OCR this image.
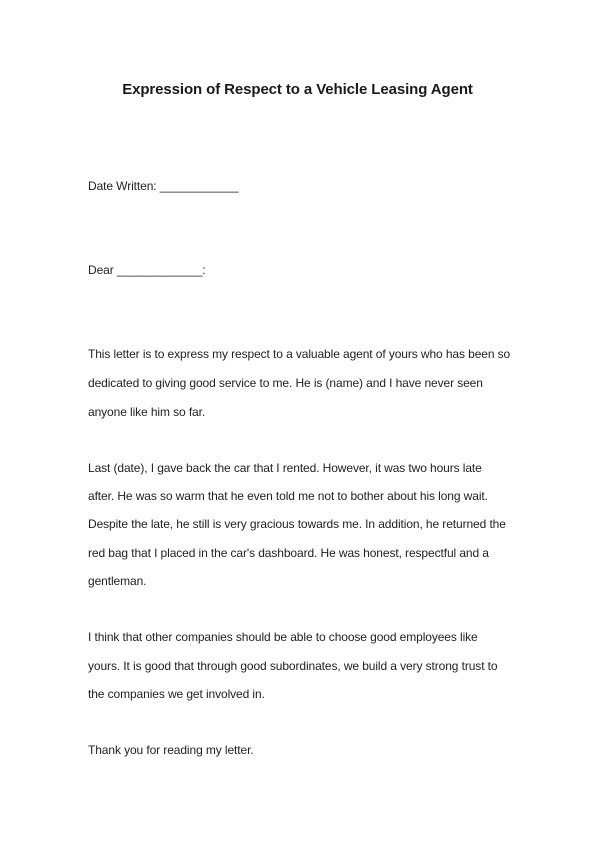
Expression of Respect to a Vehicle Leasing Agent
Date Written: ____________
Dear _____________:
This letter is to express my respect to a valuable agent of yours who has been so
dedicated to giving good service to me. He is (name) and I have never seen
anyone like him so far.
Last (date), I gave back the car that I rented. However, it was two hours late
after. He was so warm that he even told me not to bother about his long wait.
Despite the late, he still is very gracious towards me. In addition, he returned the
red bag that I placed in the car's dashboard. He was honest, respectful and a
gentleman.
I think that other companies should be able to choose good employees like
yours. It is good that through good subordinates, we build a very strong trust to
the companies we get involved in.
Thank you for reading my letter.
